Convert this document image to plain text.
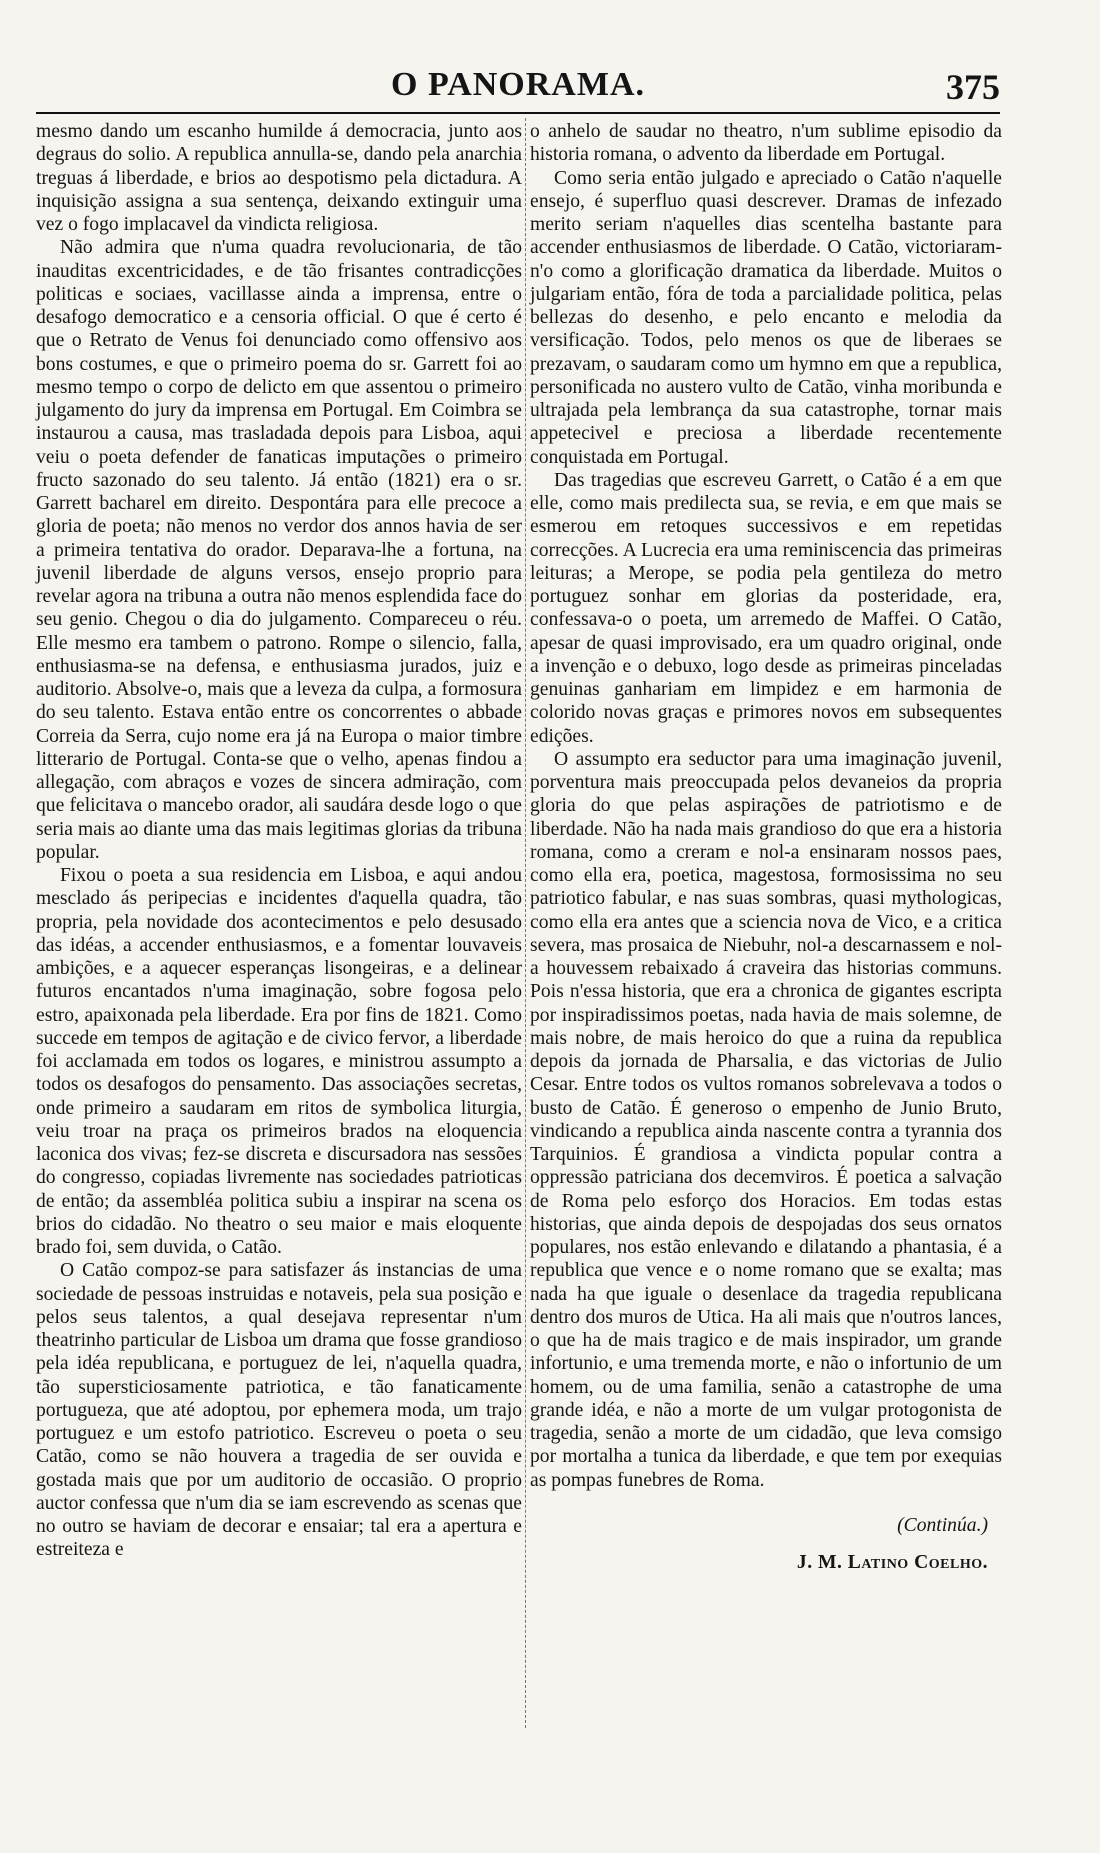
O PANORAMA.	375

mesmo dando um escanho humilde á democracia, junto aos degraus do solio. A republica annulla-se, dando pela anarchia treguas á liberdade, e brios ao despotismo pela dictadura. A inquisição assigna a sua sentença, deixando extinguir uma vez o fogo implacavel da vindicta religiosa.

Não admira que n'uma quadra revolucionaria, de tão inauditas excentricidades, e de tão frisantes contradicções politicas e sociaes, vacillasse ainda a imprensa, entre o desafogo democratico e a censoria official. O que é certo é que o Retrato de Venus foi denunciado como offensivo aos bons costumes, e que o primeiro poema do sr. Garrett foi ao mesmo tempo o corpo de delicto em que assentou o primeiro julgamento do jury da imprensa em Portugal. Em Coimbra se instaurou a causa, mas trasladada depois para Lisboa, aqui veiu o poeta defender de fanaticas imputações o primeiro fructo sazonado do seu talento. Já então (1821) era o sr. Garrett bacharel em direito. Despontára para elle precoce a gloria de poeta; não menos no verdor dos annos havia de ser a primeira tentativa do orador. Deparava-lhe a fortuna, na juvenil liberdade de alguns versos, ensejo proprio para revelar agora na tribuna a outra não menos esplendida face do seu genio. Chegou o dia do julgamento. Compareceu o réu. Elle mesmo era tambem o patrono. Rompe o silencio, falla, enthusiasma-se na defensa, e enthusiasma jurados, juiz e auditorio. Absolve-o, mais que a leveza da culpa, a formosura do seu talento. Estava então entre os concorrentes o abbade Correia da Serra, cujo nome era já na Europa o maior timbre litterario de Portugal. Conta-se que o velho, apenas findou a allegação, com abraços e vozes de sincera admiração, com que felicitava o mancebo orador, ali saudára desde logo o que seria mais ao diante uma das mais legitimas glorias da tribuna popular.

Fixou o poeta a sua residencia em Lisboa, e aqui andou mesclado ás peripecias e incidentes d'aquella quadra, tão propria, pela novidade dos acontecimentos e pelo desusado das idéas, a accender enthusiasmos, e a fomentar louvaveis ambições, e a aquecer esperanças lisongeiras, e a delinear futuros encantados n'uma imaginação, sobre fogosa pelo estro, apaixonada pela liberdade. Era por fins de 1821. Como succede em tempos de agitação e de civico fervor, a liberdade foi acclamada em todos os logares, e ministrou assumpto a todos os desafogos do pensamento. Das associações secretas, onde primeiro a saudaram em ritos de symbolica liturgia, veiu troar na praça os primeiros brados na eloquencia laconica dos vivas; fez-se discreta e discursadora nas sessões do congresso, copiadas livremente nas sociedades patrioticas de então; da assembléa politica subiu a inspirar na scena os brios do cidadão. No theatro o seu maior e mais eloquente brado foi, sem duvida, o Catão.

O Catão compoz-se para satisfazer ás instancias de uma sociedade de pessoas instruidas e notaveis, pela sua posição e pelos seus talentos, a qual desejava representar n'um theatrinho particular de Lisboa um drama que fosse grandioso pela idéa republicana, e portuguez de lei, n'aquella quadra, tão supersticiosamente patriotica, e tão fanaticamente portugueza, que até adoptou, por ephemera moda, um trajo portuguez e um estofo patriotico. Escreveu o poeta o seu Catão, como se não houvera a tragedia de ser ouvida e gostada mais que por um auditorio de occasião. O proprio auctor confessa que n'um dia se iam escrevendo as scenas que no outro se haviam de decorar e ensaiar; tal era a apertura e estreiteza e

o anhelo de saudar no theatro, n'um sublime episodio da historia romana, o advento da liberdade em Portugal.

Como seria então julgado e apreciado o Catão n'aquelle ensejo, é superfluo quasi descrever. Dramas de infezado merito seriam n'aquelles dias scentelha bastante para accender enthusiasmos de liberdade. O Catão, victoriaram-n'o como a glorificação dramatica da liberdade. Muitos o julgariam então, fóra de toda a parcialidade politica, pelas bellezas do desenho, e pelo encanto e melodia da versificação. Todos, pelo menos os que de liberaes se prezavam, o saudaram como um hymno em que a republica, personificada no austero vulto de Catão, vinha moribunda e ultrajada pela lembrança da sua catastrophe, tornar mais appetecivel e preciosa a liberdade recentemente conquistada em Portugal.

Das tragedias que escreveu Garrett, o Catão é a em que elle, como mais predilecta sua, se revia, e em que mais se esmerou em retoques successivos e em repetidas correcções. A Lucrecia era uma reminiscencia das primeiras leituras; a Merope, se podia pela gentileza do metro portuguez sonhar em glorias da posteridade, era, confessava-o o poeta, um arremedo de Maffei. O Catão, apesar de quasi improvisado, era um quadro original, onde a invenção e o debuxo, logo desde as primeiras pinceladas genuinas ganhariam em limpidez e em harmonia de colorido novas graças e primores novos em subsequentes edições.

O assumpto era seductor para uma imaginação juvenil, porventura mais preoccupada pelos devaneios da propria gloria do que pelas aspirações de patriotismo e de liberdade. Não ha nada mais grandioso do que era a historia romana, como a creram e nol-a ensinaram nossos paes, como ella era, poetica, magestosa, formosissima no seu patriotico fabular, e nas suas sombras, quasi mythologicas, como ella era antes que a sciencia nova de Vico, e a critica severa, mas prosaica de Niebuhr, nol-a descarnassem e nol-a houvessem rebaixado á craveira das historias communs. Pois n'essa historia, que era a chronica de gigantes escripta por inspiradissimos poetas, nada havia de mais solemne, de mais nobre, de mais heroico do que a ruina da republica depois da jornada de Pharsalia, e das victorias de Julio Cesar. Entre todos os vultos romanos sobrelevava a todos o busto de Catão. É generoso o empenho de Junio Bruto, vindicando a republica ainda nascente contra a tyrannia dos Tarquinios. É grandiosa a vindicta popular contra a oppressão patriciana dos decemviros. É poetica a salvação de Roma pelo esforço dos Horacios. Em todas estas historias, que ainda depois de despojadas dos seus ornatos populares, nos estão enlevando e dilatando a phantasia, é a republica que vence e o nome romano que se exalta; mas nada ha que iguale o desenlace da tragedia republicana dentro dos muros de Utica. Ha ali mais que n'outros lances, o que ha de mais tragico e de mais inspirador, um grande infortunio, e uma tremenda morte, e não o infortunio de um homem, ou de uma familia, senão a catastrophe de uma grande idéa, e não a morte de um vulgar protogonista de tragedia, senão a morte de um cidadão, que leva comsigo por mortalha a tunica da liberdade, e que tem por exequias as pompas funebres de Roma.

(Continúa.)
J. M. Latino Coelho.
